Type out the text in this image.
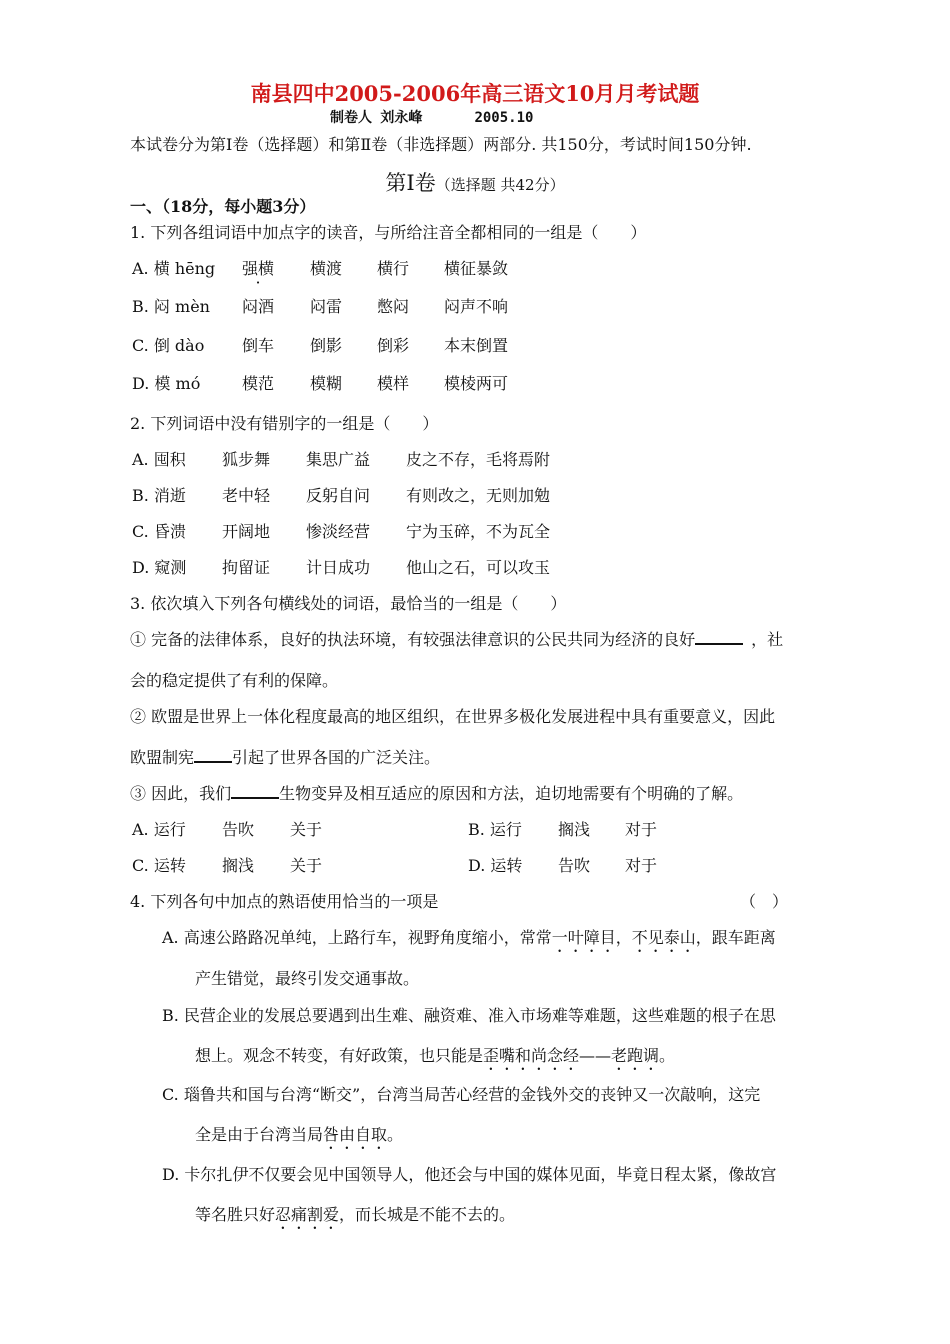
南县四中2005-2006年高三语文10月月考试题
制卷人 刘永峰	2005.10
本试卷分为第Ⅰ卷（选择题）和第Ⅱ卷（非选择题）两部分. 共150分，考试时间150分钟.
第Ⅰ卷（选择题 共42分）
一、（18分，每小题3分）
1. 下列各组词语中加点字的读音，与所给注音全都相同的一组是（　　）
A. 横 hēng 强横 横渡 横行 横征暴敛
B. 闷 mèn 闷酒 闷雷 憋闷 闷声不响
C. 倒 dào 倒车 倒影 倒彩 本末倒置
D. 模 mó	模范 模糊 模样 模棱两可
2. 下列词语中没有错别字的一组是（　　）
A. 囤积 狐步舞 集思广益 皮之不存，毛将焉附
B. 消逝 老中轻 反躬自问 有则改之，无则加勉
C. 昏溃 开阔地 惨淡经营 宁为玉碎，不为瓦全
D. 窥测 拘留证 计日成功 他山之石，可以攻玉
3. 依次填入下列各句横线处的词语，最恰当的一组是（　　）
① 完备的法律体系，良好的执法环境，有较强法律意识的公民共同为经济的良好	，社
会的稳定提供了有利的保障。
② 欧盟是世界上一体化程度最高的地区组织，在世界多极化发展进程中具有重要意义，因此
欧盟制宪 引起了世界各国的广泛关注。
③ 因此，我们	生物变异及相互适应的原因和方法，迫切地需要有个明确的了解。
A. 运行 告吹 关于	B. 运行 搁浅 对于
C. 运转 搁浅 关于	D. 运转 告吹 对于
4. 下列各句中加点的熟语使用恰当的一项是	（　）
A. 高速公路路况单纯，上路行车，视野角度缩小，常常一叶障目，不见泰山，跟车距离
产生错觉，最终引发交通事故。
B. 民营企业的发展总要遇到出生难、融资难、准入市场难等难题，这些难题的根子在思
想上。观念不转变，有好政策，也只能是歪嘴和尚念经——老跑调。
C. 瑙鲁共和国与台湾“断交”，台湾当局苦心经营的金钱外交的丧钟又一次敲响，这完
全是由于台湾当局咎由自取。
D. 卡尔扎伊不仅要会见中国领导人，他还会与中国的媒体见面，毕竟日程太紧，像故宫
等名胜只好忍痛割爱，而长城是不能不去的。
